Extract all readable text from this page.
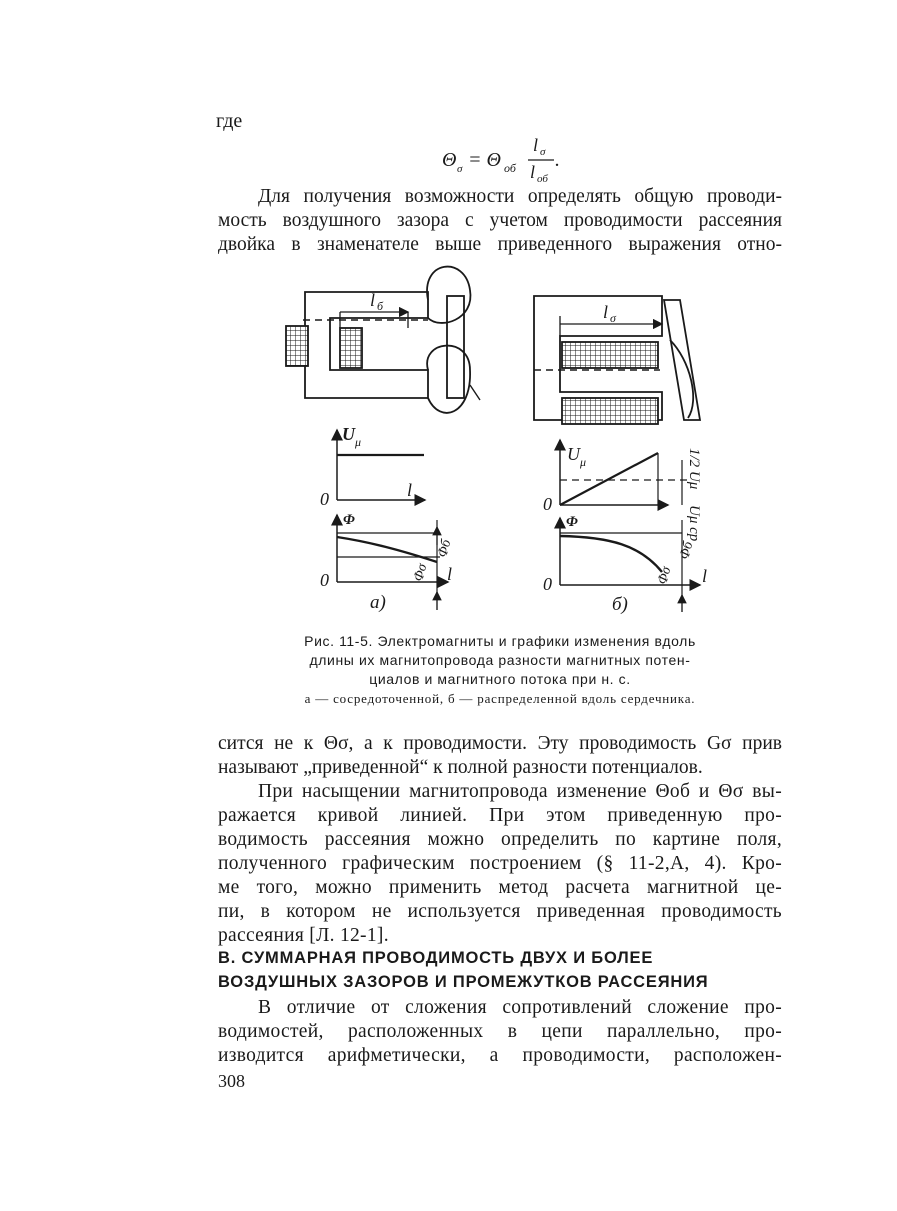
где
Θ σ = Θ об
l σ
l об
.
Для получения возможности определять общую проводи-
мость воздушного зазора с учетом проводимости рассеяния
двойка в знаменателе выше приведенного выражения отно-
l б	l σ
U μ
0	l
Φ
0	l
Φб
Φσ
а)
U μ
0
1/2 Uμ
Uμ ср
Φ
0	l
Φб
Φσ
б)
Рис. 11-5. Электромагниты и графики изменения вдоль
длины их магнитопровода разности магнитных потен-
циалов и магнитного потока при н. с.
а — сосредоточенной, б — распределенной вдоль сердечника.
сится не к Θσ, а к проводимости. Эту проводимость Gσ прив
называют „приведенной“ к полной разности потенциалов.
При насыщении магнитопровода изменение Θоб и Θσ вы-
ражается кривой линией. При этом приведенную про-
водимость рассеяния можно определить по картине поля,
полученного графическим построением (§ 11-2,А, 4). Кро-
ме того, можно применить метод расчета магнитной це-
пи, в котором не используется приведенная проводимость
рассеяния [Л. 12-1].
В. СУММАРНАЯ ПРОВОДИМОСТЬ ДВУХ И БОЛЕЕ
ВОЗДУШНЫХ ЗАЗОРОВ И ПРОМЕЖУТКОВ РАССЕЯНИЯ
В отличие от сложения сопротивлений сложение про-
водимостей, расположенных в цепи параллельно, про-
изводится арифметически, а проводимости, расположен-
308
